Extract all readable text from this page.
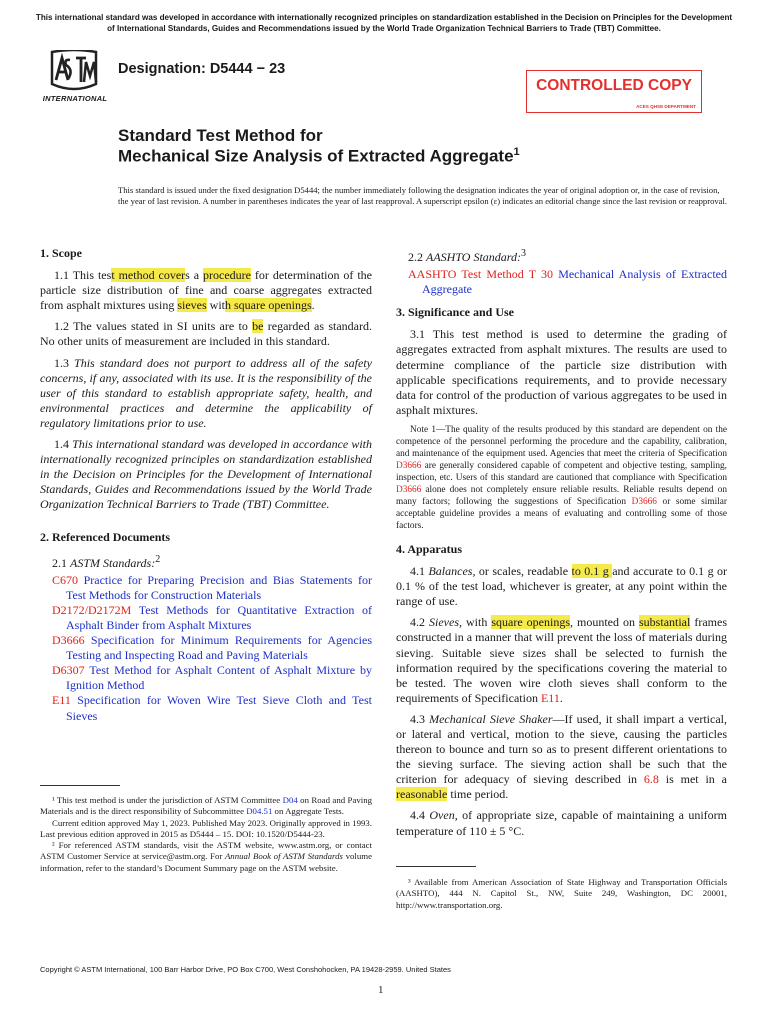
This international standard was developed in accordance with internationally recognized principles on standardization established in the Decision on Principles for the Development of International Standards, Guides and Recommendations issued by the World Trade Organization Technical Barriers to Trade (TBT) Committee.
INTERNATIONAL
Designation: D5444 − 23
CONTROLLED COPY
ACES QHSE DEPARTMENT
Standard Test Method for
Mechanical Size Analysis of Extracted Aggregate$^1$
This standard is issued under the fixed designation D5444; the number immediately following the designation indicates the year of original adoption or, in the case of revision, the year of last revision. A number in parentheses indicates the year of last reapproval. A superscript epsilon (ε) indicates an editorial change since the last revision or reapproval.
1. Scope
1.1 This test method covers a procedure for determination of the particle size distribution of fine and coarse aggregates extracted from asphalt mixtures using sieves with square openings.
1.2 The values stated in SI units are to be regarded as standard. No other units of measurement are included in this standard.
1.3 This standard does not purport to address all of the safety concerns, if any, associated with its use. It is the responsibility of the user of this standard to establish appropriate safety, health, and environmental practices and determine the applicability of regulatory limitations prior to use.
1.4 This international standard was developed in accordance with internationally recognized principles on standardization established in the Decision on Principles for the Development of International Standards, Guides and Recommendations issued by the World Trade Organization Technical Barriers to Trade (TBT) Committee.
2. Referenced Documents
2.1 ASTM Standards:$^2$
C670 Practice for Preparing Precision and Bias Statements for Test Methods for Construction Materials
D2172/D2172M Test Methods for Quantitative Extraction of Asphalt Binder from Asphalt Mixtures
D3666 Specification for Minimum Requirements for Agencies Testing and Inspecting Road and Paving Materials
D6307 Test Method for Asphalt Content of Asphalt Mixture by Ignition Method
E11 Specification for Woven Wire Test Sieve Cloth and Test Sieves

¹ This test method is under the jurisdiction of ASTM Committee D04 on Road and Paving Materials and is the direct responsibility of Subcommittee D04.51 on Aggregate Tests.

Current edition approved May 1, 2023. Published May 2023. Originally approved in 1993. Last previous edition approved in 2015 as D5444 – 15. DOI: 10.1520/D5444-23.

² For referenced ASTM standards, visit the ASTM website, www.astm.org, or contact ASTM Customer Service at service@astm.org. For Annual Book of ASTM Standards volume information, refer to the standard’s Document Summary page on the ASTM website.

2.2 AASHTO Standard:$^3$
AASHTO Test Method T 30 Mechanical Analysis of Extracted Aggregate
3. Significance and Use
3.1 This test method is used to determine the grading of aggregates extracted from asphalt mixtures. The results are used to determine compliance of the particle size distribution with applicable specifications requirements, and to provide necessary data for control of the production of various aggregates to be used in asphalt mixtures.
Note 1—The quality of the results produced by this standard are dependent on the competence of the personnel performing the procedure and the capability, calibration, and maintenance of the equipment used. Agencies that meet the criteria of Specification D3666 are generally considered capable of competent and objective testing, sampling, inspection, etc. Users of this standard are cautioned that compliance with Specification D3666 alone does not completely ensure reliable results. Reliable results depend on many factors; following the suggestions of Specification D3666 or some similar acceptable guideline provides a means of evaluating and controlling some of those factors.
4. Apparatus
4.1 Balances, or scales, readable to 0.1 g and accurate to 0.1 g or 0.1 % of the test load, whichever is greater, at any point within the range of use.
4.2 Sieves, with square openings, mounted on substantial frames constructed in a manner that will prevent the loss of materials during sieving. Suitable sieve sizes shall be selected to furnish the information required by the specifications covering the material to be tested. The woven wire cloth sieves shall conform to the requirements of Specification E11.
4.3 Mechanical Sieve Shaker—If used, it shall impart a vertical, or lateral and vertical, motion to the sieve, causing the particles thereon to bounce and turn so as to present different orientations to the sieving surface. The sieving action shall be such that the criterion for adequacy of sieving described in 6.8 is met in a reasonable time period.
4.4 Oven, of appropriate size, capable of maintaining a uniform temperature of 110 ± 5 °C.

³ Available from American Association of State Highway and Transportation Officials (AASHTO), 444 N. Capitol St., NW, Suite 249, Washington, DC 20001, http://www.transportation.org.

Copyright © ASTM International, 100 Barr Harbor Drive, PO Box C700, West Conshohocken, PA 19428-2959. United States
1
